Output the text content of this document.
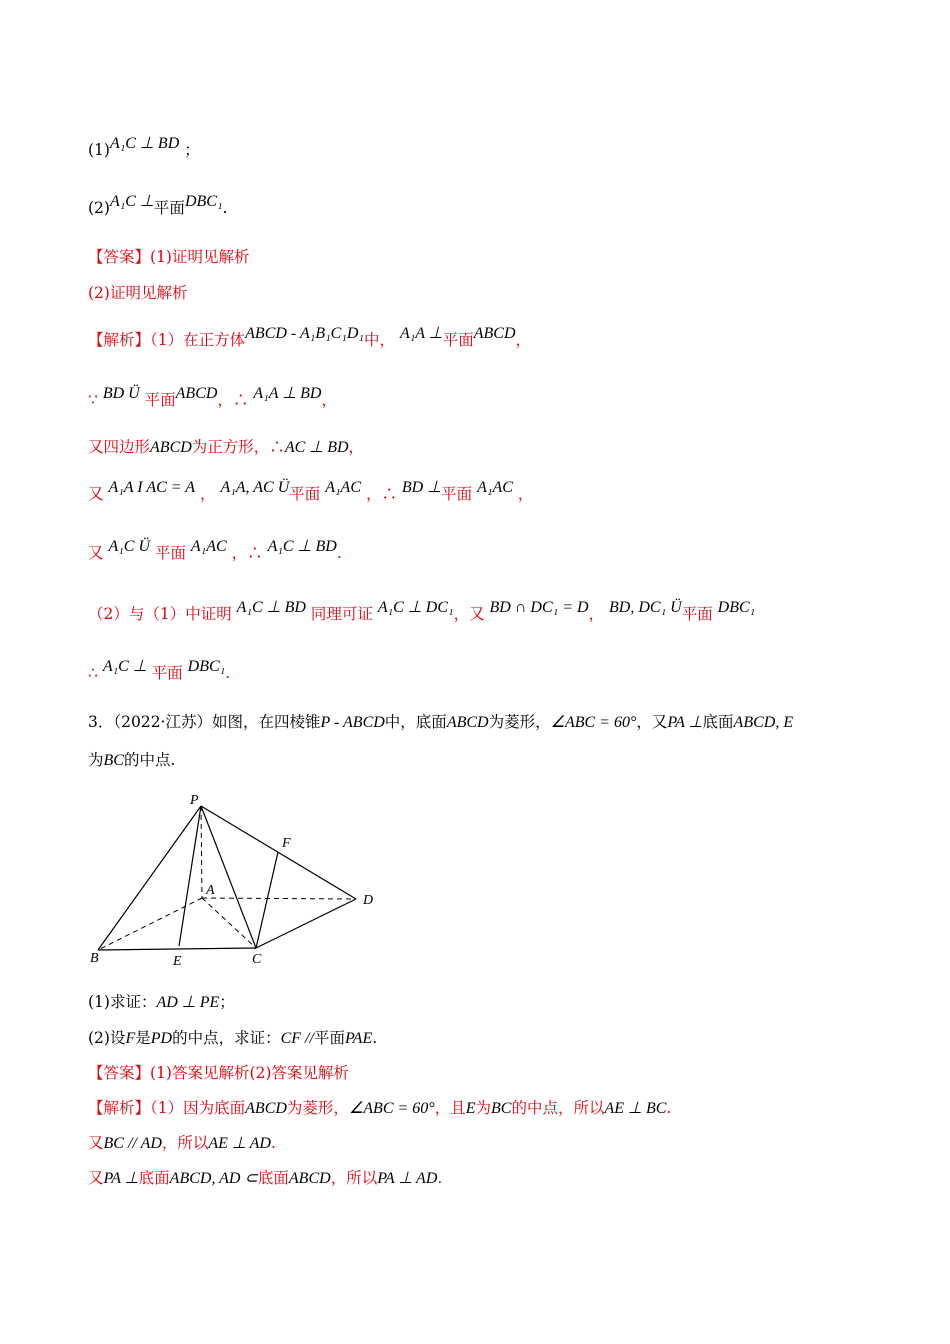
(1)A₁C ⊥ BD ；
(2)A₁C ⊥平面DBC₁.
【答案】(1)证明见解析
(2)证明见解析
【解析】（1）在正方体ABCD - A₁B₁C₁D₁中， A₁A ⊥平面ABCD，
∵ BD Ü 平面ABCD，∴ A₁A ⊥ BD，
又四边形ABCD为正方形，∴AC ⊥ BD，
又 A₁A I AC = A ， A₁A, AC Ü平面 A₁AC ，∴ BD ⊥平面 A₁AC ，
又 A₁C Ü 平面 A₁AC ，∴ A₁C ⊥ BD.
（2）与（1）中证明 A₁C ⊥ BD 同理可证 A₁C ⊥ DC₁，又 BD ∩ DC₁ = D， BD, DC₁ Ü平面 DBC₁
∴ A₁C ⊥ 平面 DBC₁.
3．（2022·江苏）如图，在四棱锥P - ABCD中，底面ABCD为菱形，∠ABC = 60°，又PA ⊥底面ABCD, E
为BC的中点.
P
A
B	C
D
E
F
(1)求证：AD ⊥ PE；
(2)设F是PD的中点，求证：CF //平面PAE.
【答案】(1)答案见解析(2)答案见解析
【解析】（1）因为底面ABCD为菱形，∠ABC = 60°，且E为BC的中点，所以AE ⊥ BC.
又BC // AD，所以AE ⊥ AD.
又PA ⊥底面ABCD, AD ⊂底面ABCD，所以PA ⊥ AD.
